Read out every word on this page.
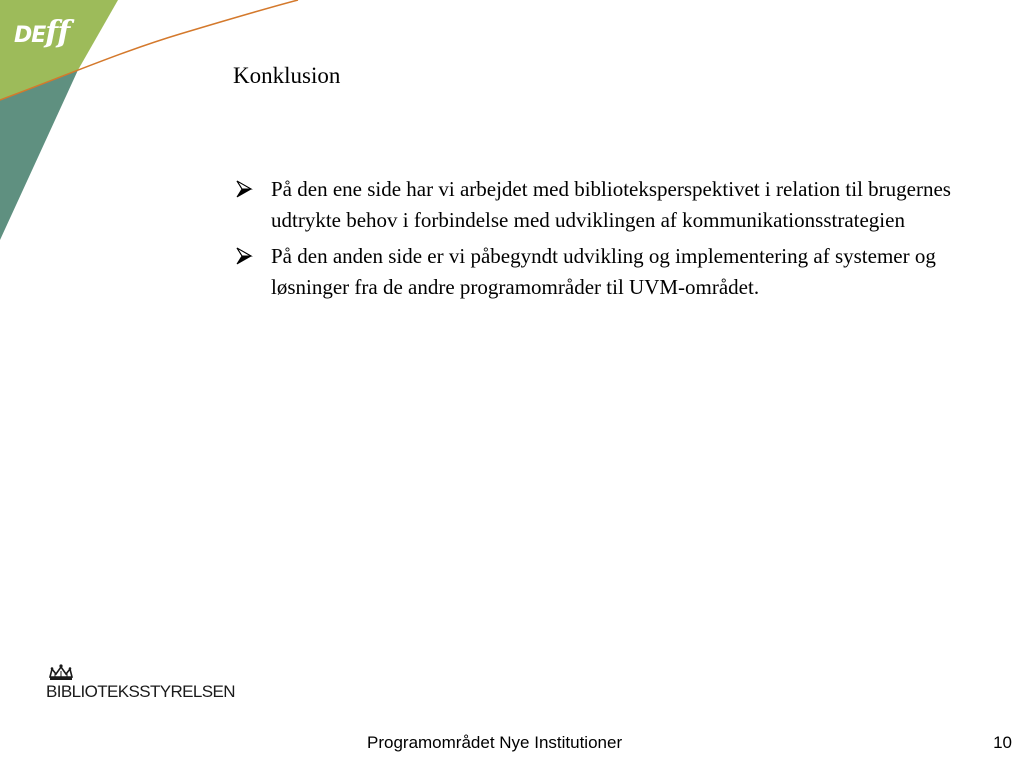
DEff
Konklusion
På den ene side har vi arbejdet med biblioteksperspektivet i relation til brugernes udtrykte behov i forbindelse med udviklingen af kommunikationsstrategien
På den anden side er vi påbegyndt udvikling og implementering af systemer og løsninger fra de andre programområder til UVM-området.
BIBLIOTEKSSTYRELSEN
Programområdet Nye Institutioner	10
